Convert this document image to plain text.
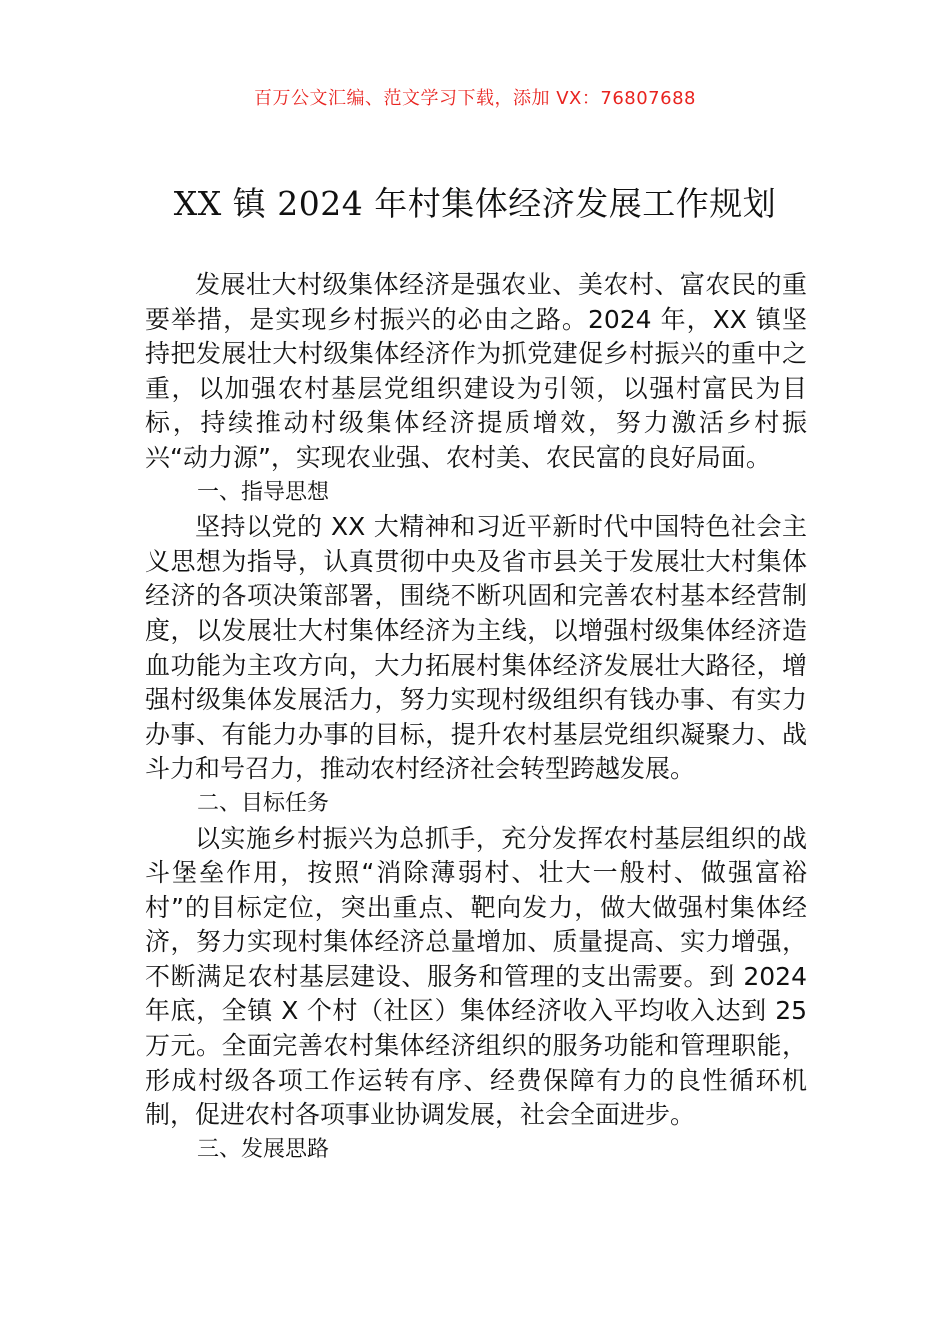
百万公文汇编、范文学习下载，添加 VX：76807688
XX 镇 2024 年村集体经济发展工作规划

发展壮大村级集体经济是强农业、美农村、富农民的重要举措，是实现乡村振兴的必由之路。2024 年，XX 镇坚持把发展壮大村级集体经济作为抓党建促乡村振兴的重中之重，以加强农村基层党组织建设为引领，以强村富民为目标，持续推动村级集体经济提质增效，努力激活乡村振兴“动力源”，实现农业强、农村美、农民富的良好局面。

一、指导思想

坚持以党的 XX 大精神和习近平新时代中国特色社会主义思想为指导，认真贯彻中央及省市县关于发展壮大村集体经济的各项决策部署，围绕不断巩固和完善农村基本经营制度，以发展壮大村集体经济为主线，以增强村级集体经济造血功能为主攻方向，大力拓展村集体经济发展壮大路径，增强村级集体发展活力，努力实现村级组织有钱办事、有实力办事、有能力办事的目标，提升农村基层党组织凝聚力、战斗力和号召力，推动农村经济社会转型跨越发展。

二、目标任务

以实施乡村振兴为总抓手，充分发挥农村基层组织的战斗堡垒作用，按照“消除薄弱村、壮大一般村、做强富裕村”的目标定位，突出重点、靶向发力，做大做强村集体经济，努力实现村集体经济总量增加、质量提高、实力增强，不断满足农村基层建设、服务和管理的支出需要。到 2024 年底，全镇 X 个村（社区）集体经济收入平均收入达到 25 万元。全面完善农村集体经济组织的服务功能和管理职能，形成村级各项工作运转有序、经费保障有力的良性循环机制，促进农村各项事业协调发展，社会全面进步。

三、发展思路
